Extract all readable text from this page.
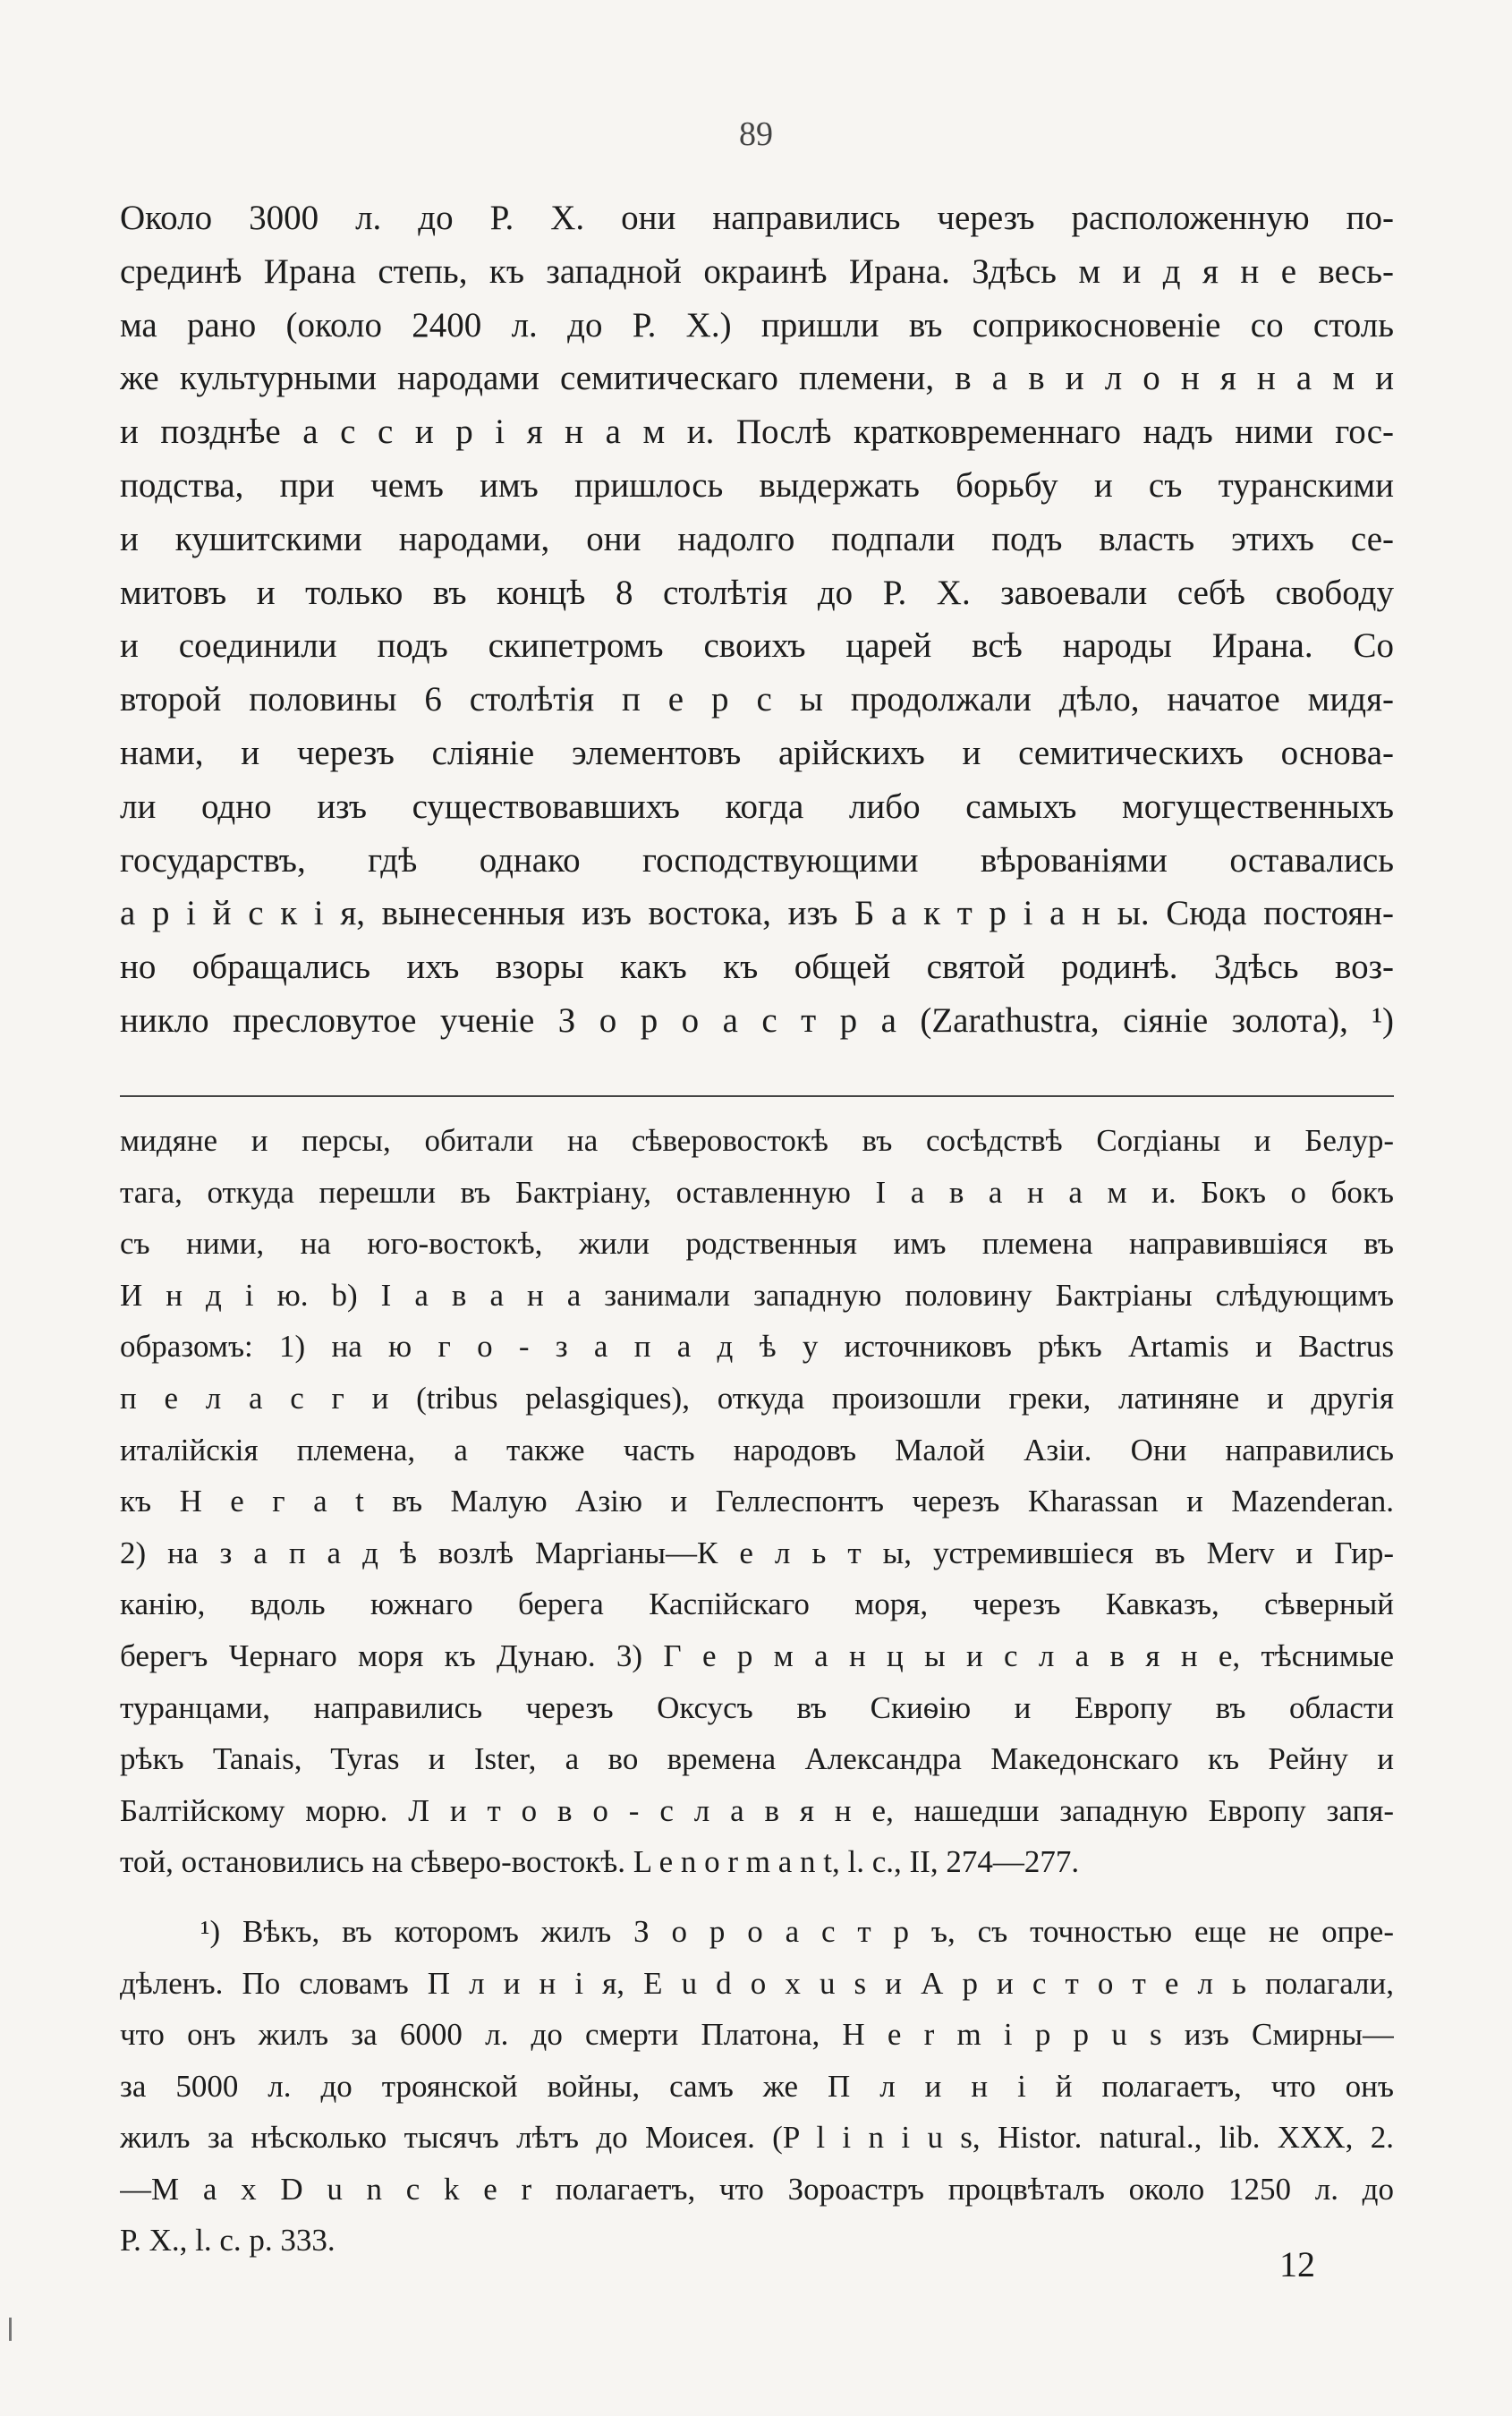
89
Около 3000 л. до Р. Х. они направились черезъ расположенную по-
срединѣ Ирана степь, къ западной окраинѣ Ирана. Здѣсь м и д я н е весь-
ма рано (около 2400 л. до Р. Х.) пришли въ соприкосновеніе со столь
же культурными народами семитическаго племени, в а в и л о н я н а м и
и позднѣе а с с и р і я н а м и. Послѣ кратковременнаго надъ ними гос-
подства, при чемъ имъ пришлось выдержать борьбу и съ туранскими
и кушитскими народами, они надолго подпали подъ власть этихъ се-
митовъ и только въ концѣ 8 столѣтія до Р. Х. завоевали себѣ свободу
и соединили подъ скипетромъ своихъ царей всѣ народы Ирана. Со
второй половины 6 столѣтія п е р с ы продолжали дѣло, начатое мидя-
нами, и черезъ сліяніе элементовъ арійскихъ и семитическихъ основа-
ли одно изъ существовавшихъ когда либо самыхъ могущественныхъ
государствъ, гдѣ однако господствующими вѣрованіями оставались
а р і й с к і я, вынесенныя изъ востока, изъ Б а к т р і а н ы. Сюда постоян-
но обращались ихъ взоры какъ къ общей святой родинѣ. Здѣсь воз-
никло пресловутое ученіе З о р о а с т р а (Zarathustra, сіяніе золота), ¹)
мидяне и персы, обитали на сѣверовостокѣ въ сосѣдствѣ Согдіаны и Белур-
тага, откуда перешли въ Бактріану, оставленную І а в а н а м и. Бокъ о бокъ
съ ними, на юго-востокѣ, жили родственныя имъ племена направившіяся въ
И н д і ю. b) І а в а н а занимали западную половину Бактріаны слѣдующимъ
образомъ: 1) на ю г о - з а п а д ѣ у источниковъ рѣкъ Artamis и Bactrus
п е л а с г и (tribus pelasgiques), откуда произошли греки, латиняне и другія
италійскія племена, а также часть народовъ Малой Азіи. Они направились
къ Н е г а t въ Малую Азію и Геллеспонтъ черезъ Kharassan и Mazenderan.
2) на з а п а д ѣ возлѣ Маргіаны—К е л ь т ы, устремившіеся въ Merv и Гир-
канію, вдоль южнаго берега Каспійскаго моря, черезъ Кавказъ, сѣверный
берегъ Чернаго моря къ Дунаю. 3) Г е р м а н ц ы и с л а в я н е, тѣснимые
туранцами, направились черезъ Оксусъ въ Скиѳію и Европу въ области
рѣкъ Tanais, Tyras и Ister, а во времена Александра Македонскаго къ Рейну и
Балтійскому морю. Л и т о в о - с л а в я н е, нашедши западную Европу запя-
той, остановились на сѣверо-востокѣ. L e n o r m a n t, l. c., II, 274—277.
¹) Вѣкъ, въ которомъ жилъ З о р о а с т р ъ, съ точностью еще не опре-
дѣленъ. По словамъ П л и н і я, E u d o x u s и А р и с т о т е л ь полагали,
что онъ жилъ за 6000 л. до смерти Платона, H e r m i p p u s изъ Смирны—
за 5000 л. до троянской войны, самъ же П л и н і й полагаетъ, что онъ
жилъ за нѣсколько тысячъ лѣтъ до Моисея. (P l i n i u s, Histor. natural., lib. XXX, 2.
—M a x D u n c k e r полагаетъ, что Зороастръ процвѣталъ около 1250 л. до
Р. Х., l. c. p. 333.
12
